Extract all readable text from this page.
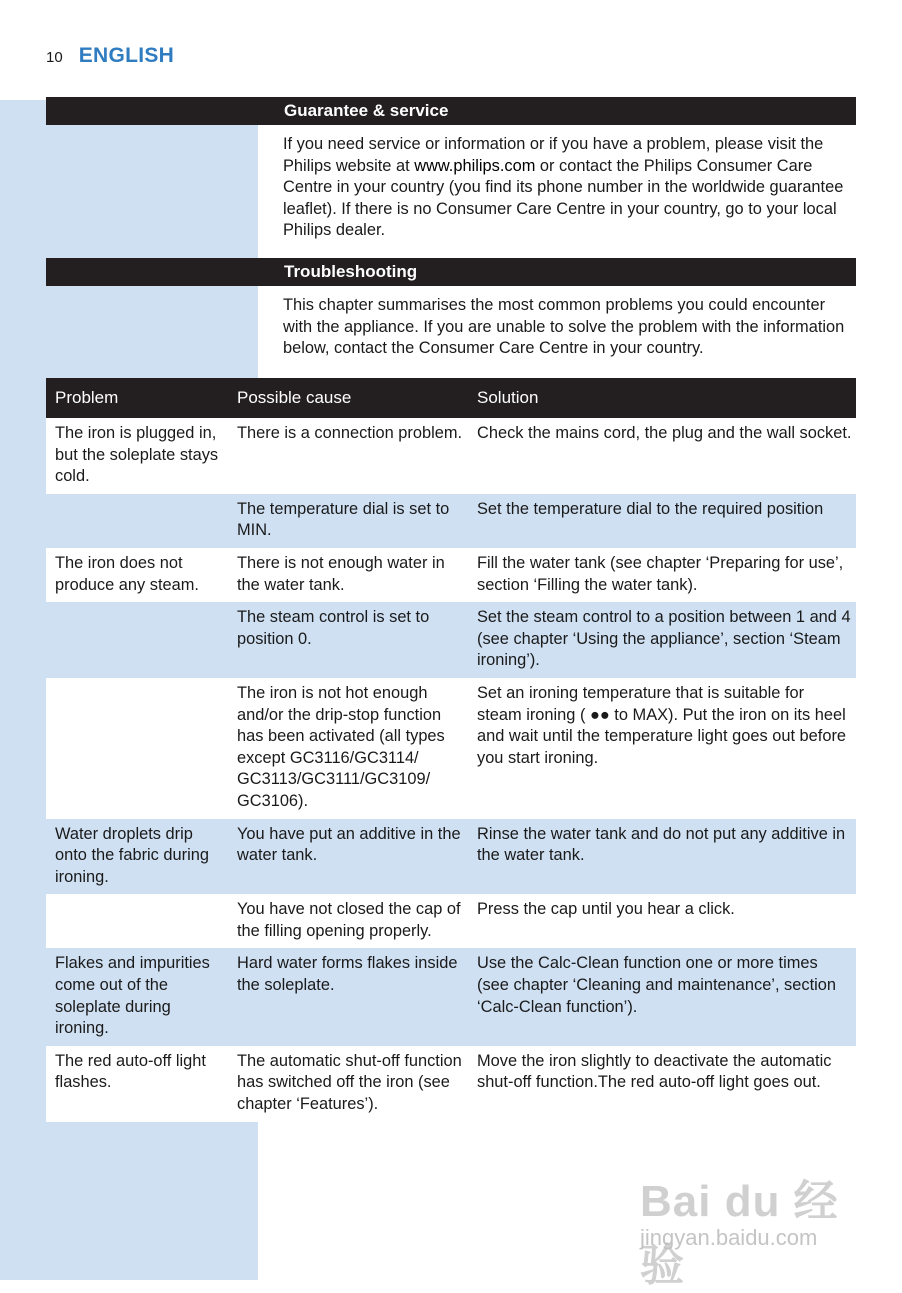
10 ENGLISH
Guarantee & service
If you need service or information or if you have a problem, please visit the Philips website at www.philips.com or contact the Philips Consumer Care Centre in your country (you find its phone number in the worldwide guarantee leaflet). If there is no Consumer Care Centre in your country, go to your local Philips dealer.
Troubleshooting
This chapter summarises the most common problems you could encounter with the appliance. If you are unable to solve the problem with the information below, contact the Consumer Care Centre in your country.
Problem	Possible cause	Solution
The iron is plugged in, but the soleplate stays cold.	There is a connection problem.	Check the mains cord, the plug and the wall socket.
	The temperature dial is set to MIN.	Set the temperature dial to the required position
The iron does not produce any steam.	There is not enough water in the water tank.	Fill the water tank (see chapter ‘Preparing for use’, section ‘Filling the water tank).
	The steam control is set to position 0.	Set the steam control to a position between 1 and 4 (see chapter ‘Using the appliance’, section ‘Steam ironing’).
	The iron is not hot enough and/or the drip-stop function has been activated (all types except GC3116/GC3114/ GC3113/GC3111/GC3109/ GC3106).	Set an ironing temperature that is suitable for steam ironing ( ●● to MAX). Put the iron on its heel and wait until the temperature light goes out before you start ironing.
Water droplets drip onto the fabric during ironing.	You have put an additive in the water tank.	Rinse the water tank and do not put any additive in the water tank.
	You have not closed the cap of the filling opening properly.	Press the cap until you hear a click.
Flakes and impurities come out of the soleplate during ironing.	Hard water forms flakes inside the soleplate.	Use the Calc-Clean function one or more times (see chapter ‘Cleaning and maintenance’, section ‘Calc-Clean function’).
The red auto-off light flashes.	The automatic shut-off function has switched off the iron (see chapter ‘Features’).	Move the iron slightly to deactivate the automatic shut-off function.The red auto-off light goes out.
Bai du 经验
jingyan.baidu.com
